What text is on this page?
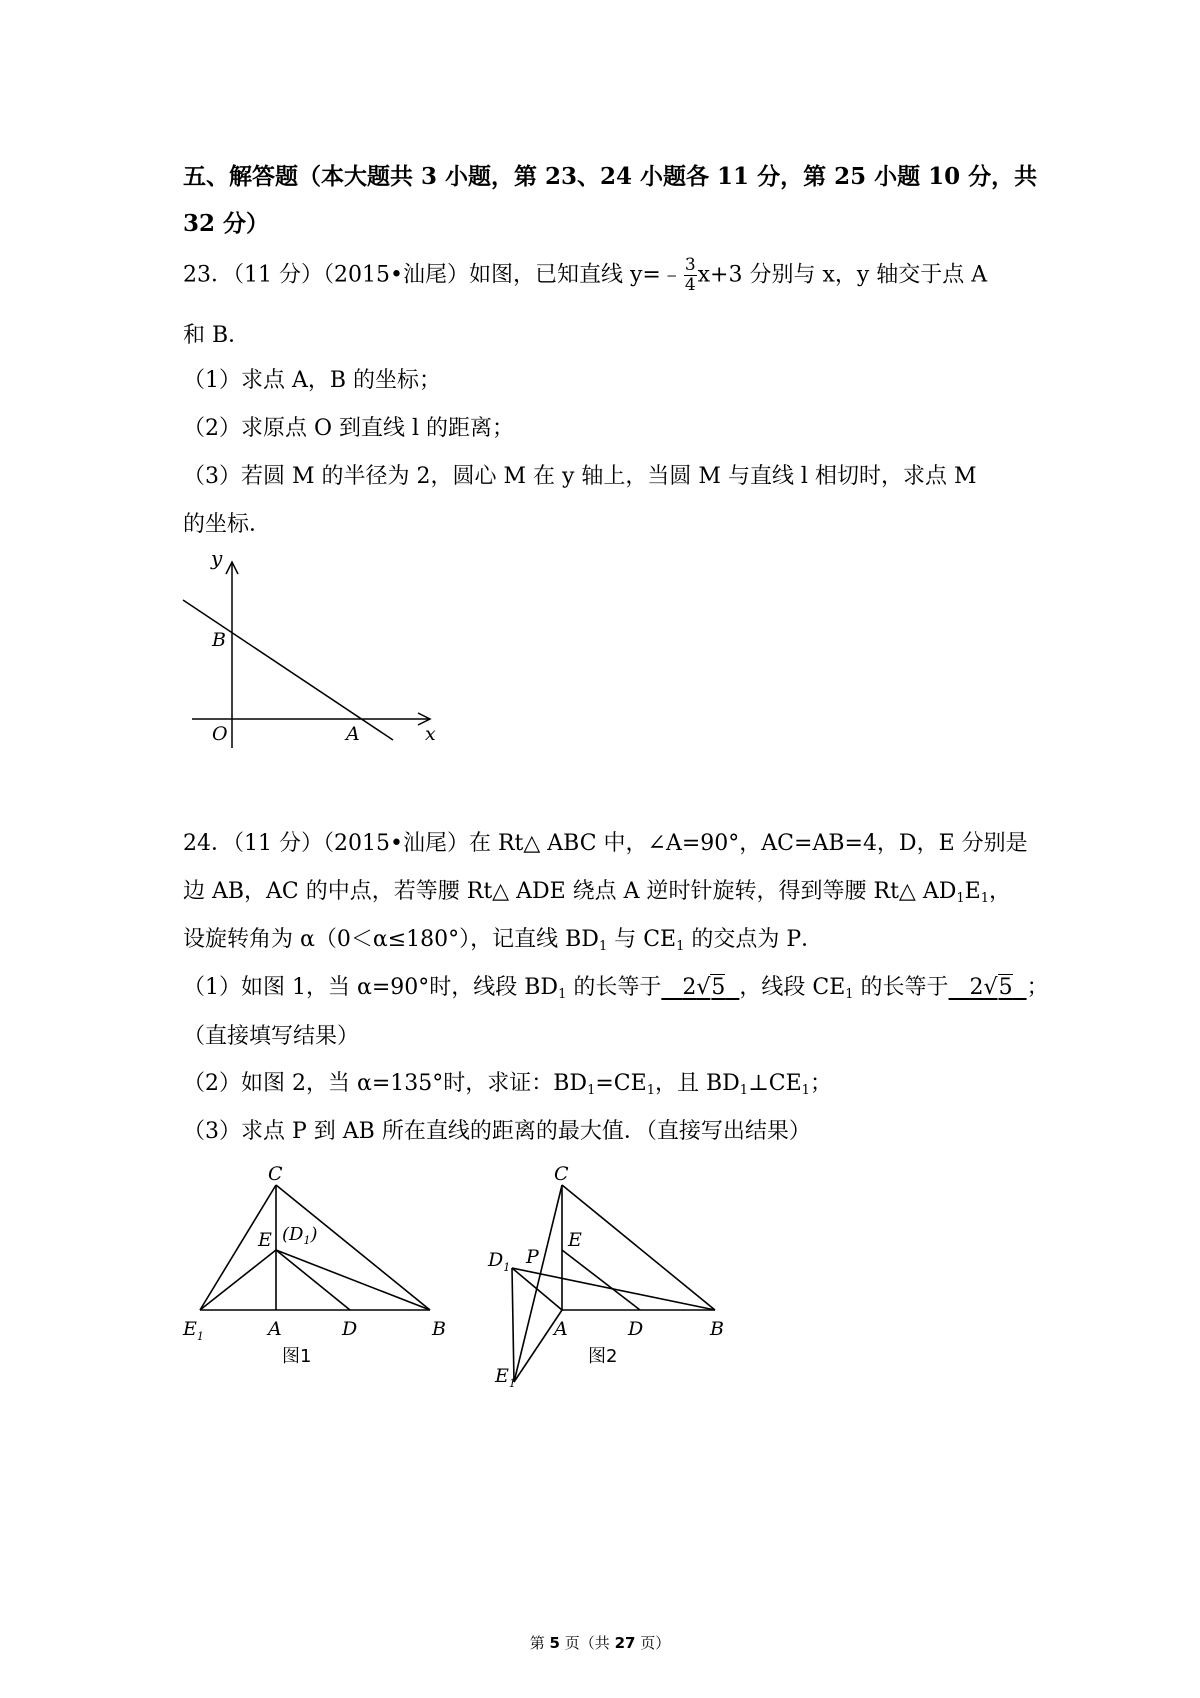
五、解答题（本大题共 3 小题，第 23、24 小题各 11 分，第 25 小题 10 分，共
32 分）
23．（11 分）（2015•汕尾）如图，已知直线 y=﹣ $\frac{3}{4} x+3$ 分别与 x，y 轴交于点 A
和 B．
（1）求点 A，B 的坐标；
（2）求原点 O 到直线 l 的距离；
（3）若圆 M 的半径为 2，圆心 M 在 y 轴上，当圆 M 与直线 l 相切时，求点 M
的坐标．
y
B
O	A	x
24．（11 分）（2015•汕尾）在 Rt△ ABC 中，∠A=90°，AC=AB=4，D，E 分别是
边 AB，AC 的中点，若等腰 Rt△ ADE 绕点 A 逆时针旋转，得到等腰 Rt△ $AD_1E_1$，
设旋转角为 α（0＜α≤180°），记直线 $BD_1$ 与 $CE_1$ 的交点为 P．
（1）如图 1，当 α=90°时，线段 $BD_1$ 的长等于 2√5 ，线段 $CE_1$ 的长等于 2√5 ；
（直接填写结果）
（2）如图 2，当 α=135°时，求证：$BD_1=CE_1$，且 $BD_1\perp CE_1$；
（3）求点 P 到 AB 所在直线的距离的最大值．（直接写出结果）
C
E $(D_1)$
$E_1$	A	D	B
图1
C
E
$D_1$ P
A	D	B
$E_1$
图2
第 5 页（共 27 页）
